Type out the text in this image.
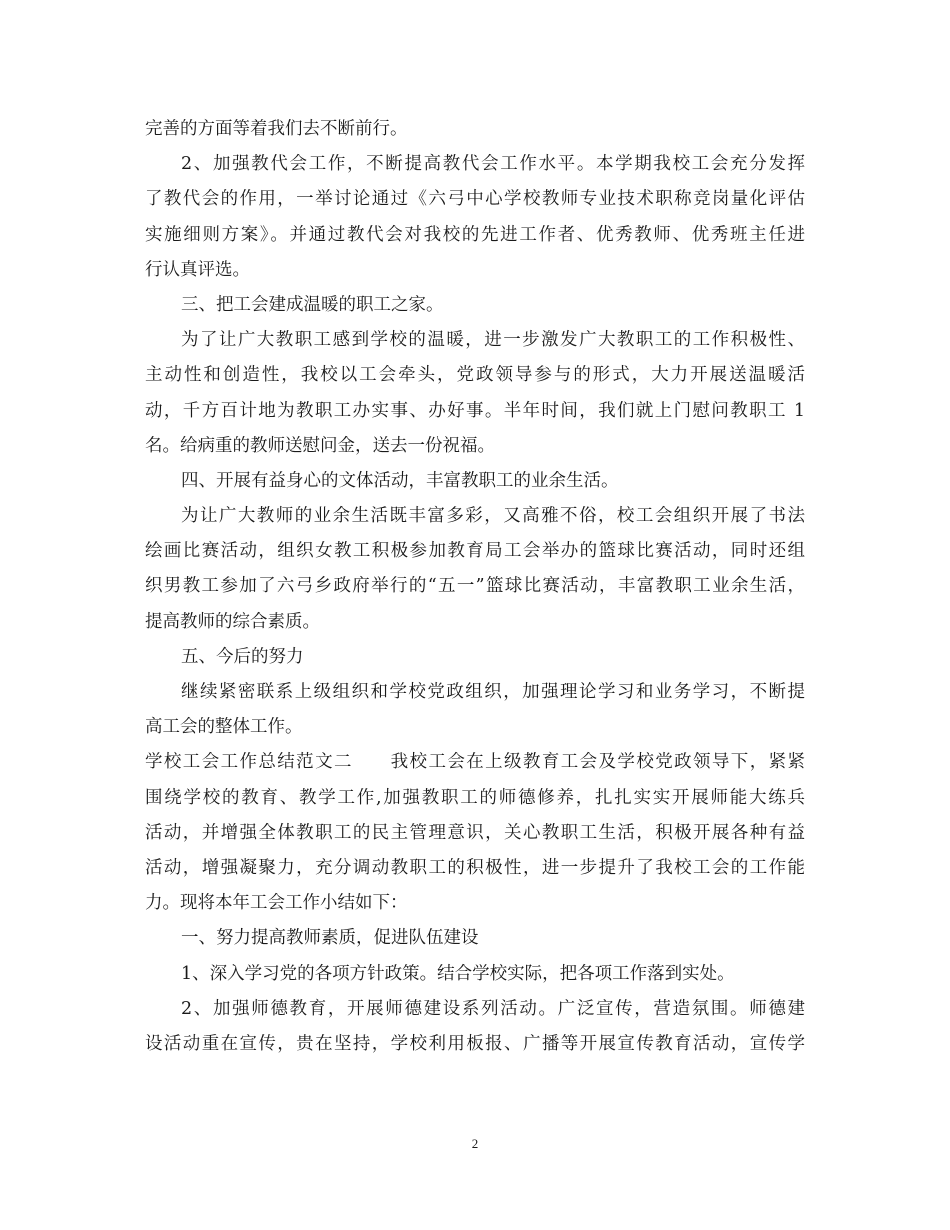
完善的方面等着我们去不断前行。
2、加强教代会工作，不断提高教代会工作水平。本学期我校工会充分发挥
了教代会的作用，一举讨论通过《六弓中心学校教师专业技术职称竞岗量化评估
实施细则方案》。并通过教代会对我校的先进工作者、优秀教师、优秀班主任进
行认真评选。
三、把工会建成温暖的职工之家。
为了让广大教职工感到学校的温暖，进一步激发广大教职工的工作积极性、
主动性和创造性，我校以工会牵头，党政领导参与的形式，大力开展送温暖活
动，千方百计地为教职工办实事、办好事。半年时间，我们就上门慰问教职工 1
名。给病重的教师送慰问金，送去一份祝福。
四、开展有益身心的文体活动，丰富教职工的业余生活。
为让广大教师的业余生活既丰富多彩，又高雅不俗，校工会组织开展了书法
绘画比赛活动，组织女教工积极参加教育局工会举办的篮球比赛活动，同时还组
织男教工参加了六弓乡政府举行的“五一”篮球比赛活动，丰富教职工业余生活，
提高教师的综合素质。
五、今后的努力
继续紧密联系上级组织和学校党政组织，加强理论学习和业务学习，不断提
高工会的整体工作。
学校工会工作总结范文二　　我校工会在上级教育工会及学校党政领导下，紧紧
围绕学校的教育、教学工作,加强教职工的师德修养，扎扎实实开展师能大练兵
活动，并增强全体教职工的民主管理意识，关心教职工生活，积极开展各种有益
活动，增强凝聚力，充分调动教职工的积极性，进一步提升了我校工会的工作能
力。现将本年工会工作小结如下：
一、努力提高教师素质，促进队伍建设
1、深入学习党的各项方针政策。结合学校实际，把各项工作落到实处。
2、加强师德教育，开展师德建设系列活动。广泛宣传，营造氛围。师德建
设活动重在宣传，贵在坚持，学校利用板报、广播等开展宣传教育活动，宣传学
2
